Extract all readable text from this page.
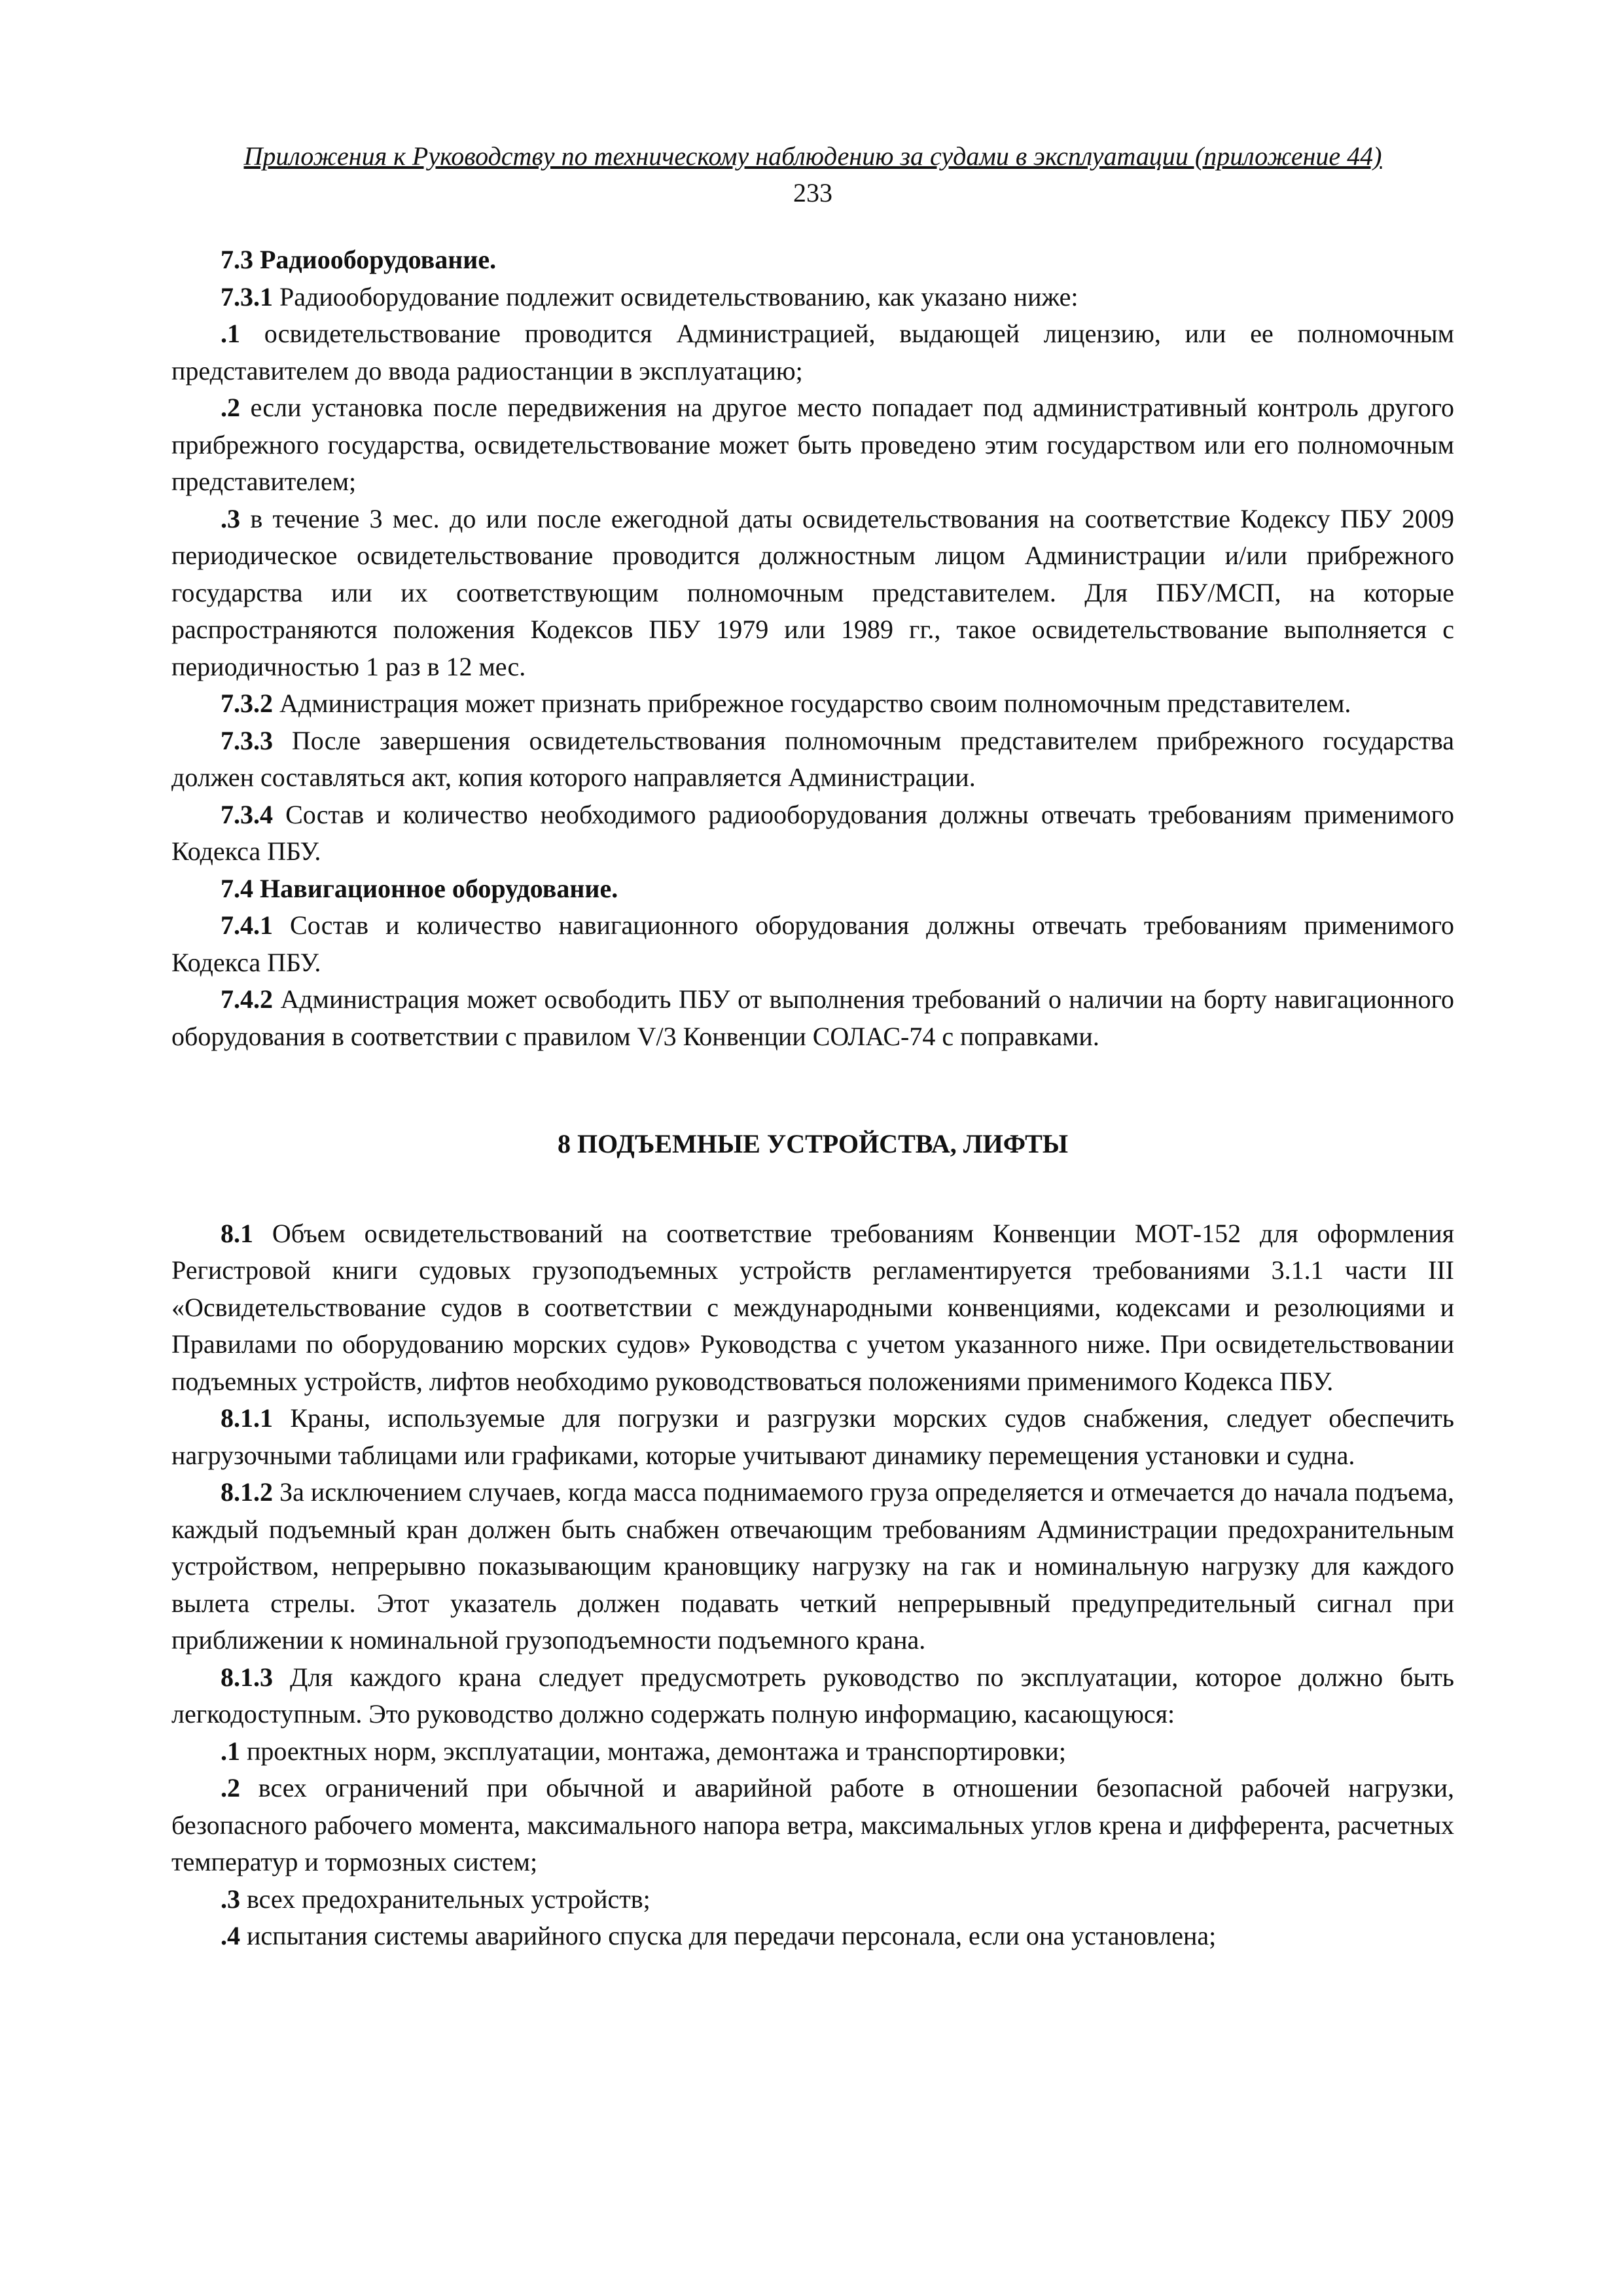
Приложения к Руководству по техническому наблюдению за судами в эксплуатации (приложение 44)
233

7.3 Радиооборудование.

7.3.1 Радиооборудование подлежит освидетельствованию, как указано ниже:

.1 освидетельствование проводится Администрацией, выдающей лицензию, или ее полномочным представителем до ввода радиостанции в эксплуатацию;

.2 если установка после передвижения на другое место попадает под административный контроль другого прибрежного государства, освидетельствование может быть проведено этим государством или его полномочным представителем;

.3 в течение 3 мес. до или после ежегодной даты освидетельствования на соответствие Кодексу ПБУ 2009 периодическое освидетельствование проводится должностным лицом Администрации и/или прибрежного государства или их соответствующим полномочным представителем. Для ПБУ/МСП, на которые распространяются положения Кодексов ПБУ 1979 или 1989 гг., такое освидетельствование выполняется с периодичностью 1 раз в 12 мес.

7.3.2 Администрация может признать прибрежное государство своим полномочным представителем.

7.3.3 После завершения освидетельствования полномочным представителем прибрежного государства должен составляться акт, копия которого направляется Администрации.

7.3.4 Состав и количество необходимого радиооборудования должны отвечать требованиям применимого Кодекса ПБУ.

7.4 Навигационное оборудование.

7.4.1 Состав и количество навигационного оборудования должны отвечать требованиям применимого Кодекса ПБУ.

7.4.2 Администрация может освободить ПБУ от выполнения требований о наличии на борту навигационного оборудования в соответствии с правилом V/3 Конвенции СОЛАС-74 с поправками.

8 ПОДЪЕМНЫЕ УСТРОЙСТВА, ЛИФТЫ

8.1 Объем освидетельствований на соответствие требованиям Конвенции МОТ-152 для оформления Регистровой книги судовых грузоподъемных устройств регламентируется требованиями 3.1.1 части III «Освидетельствование судов в соответствии с международными конвенциями, кодексами и резолюциями и Правилами по оборудованию морских судов» Руководства с учетом указанного ниже. При освидетельствовании подъемных устройств, лифтов необходимо руководствоваться положениями применимого Кодекса ПБУ.

8.1.1 Краны, используемые для погрузки и разгрузки морских судов снабжения, следует обеспечить нагрузочными таблицами или графиками, которые учитывают динамику перемещения установки и судна.

8.1.2 За исключением случаев, когда масса поднимаемого груза определяется и отмечается до начала подъема, каждый подъемный кран должен быть снабжен отвечающим требованиям Администрации предохранительным устройством, непрерывно показывающим крановщику нагрузку на гак и номинальную нагрузку для каждого вылета стрелы. Этот указатель должен подавать четкий непрерывный предупредительный сигнал при приближении к номинальной грузоподъемности подъемного крана.

8.1.3 Для каждого крана следует предусмотреть руководство по эксплуатации, которое должно быть легкодоступным. Это руководство должно содержать полную информацию, касающуюся:

.1 проектных норм, эксплуатации, монтажа, демонтажа и транспортировки;

.2 всех ограничений при обычной и аварийной работе в отношении безопасной рабочей нагрузки, безопасного рабочего момента, максимального напора ветра, максимальных углов крена и дифферента, расчетных температур и тормозных систем;

.3 всех предохранительных устройств;

.4 испытания системы аварийного спуска для передачи персонала, если она установлена;
